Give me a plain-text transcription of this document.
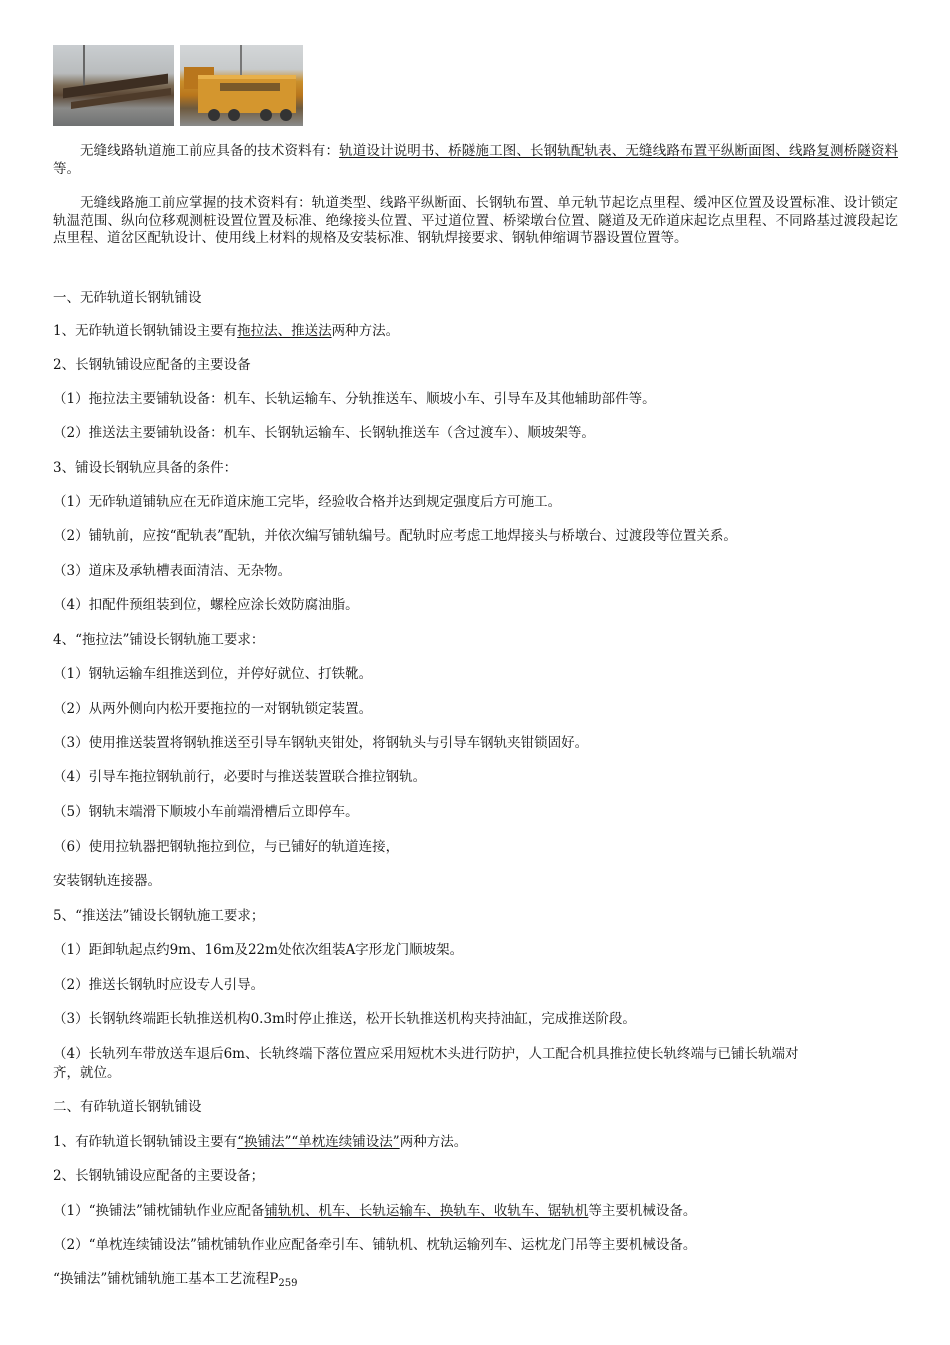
无缝线路轨道施工前应具备的技术资料有：轨道设计说明书、桥隧施工图、长钢轨配轨表、无缝线路布置平纵断面图、线路复测桥隧资料等。
无缝线路施工前应掌握的技术资料有：轨道类型、线路平纵断面、长钢轨布置、单元轨节起讫点里程、缓冲区位置及设置标准、设计锁定轨温范围、纵向位移观测桩设置位置及标准、绝缘接头位置、平过道位置、桥梁墩台位置、隧道及无砟道床起讫点里程、不同路基过渡段起讫点里程、道岔区配轨设计、使用线上材料的规格及安装标准、钢轨焊接要求、钢轨伸缩调节器设置位置等。
一、无砟轨道长钢轨铺设
1、无砟轨道长钢轨铺设主要有拖拉法、推送法两种方法。
2、长钢轨铺设应配备的主要设备
（1）拖拉法主要铺轨设备：机车、长轨运输车、分轨推送车、顺坡小车、引导车及其他辅助部件等。
（2）推送法主要铺轨设备：机车、长钢轨运输车、长钢轨推送车（含过渡车）、顺坡架等。
3、铺设长钢轨应具备的条件：
（1）无砟轨道铺轨应在无砟道床施工完毕，经验收合格并达到规定强度后方可施工。
（2）铺轨前，应按“配轨表”配轨，并依次编写铺轨编号。配轨时应考虑工地焊接头与桥墩台、过渡段等位置关系。
（3）道床及承轨槽表面清洁、无杂物。
（4）扣配件预组装到位，螺栓应涂长效防腐油脂。
4、“拖拉法”铺设长钢轨施工要求：
（1）钢轨运输车组推送到位，并停好就位、打铁靴。
（2）从两外侧向内松开要拖拉的一对钢轨锁定装置。
（3）使用推送装置将钢轨推送至引导车钢轨夹钳处，将钢轨头与引导车钢轨夹钳锁固好。
（4）引导车拖拉钢轨前行，必要时与推送装置联合推拉钢轨。
（5）钢轨末端滑下顺坡小车前端滑槽后立即停车。
（6）使用拉轨器把钢轨拖拉到位，与已铺好的轨道连接，
安装钢轨连接器。
5、“推送法”铺设长钢轨施工要求；
（1）距卸轨起点约9m、16m及22m处依次组装A字形龙门顺坡架。
（2）推送长钢轨时应设专人引导。
（3）长钢轨终端距长轨推送机构0.3m时停止推送，松开长轨推送机构夹持油缸，完成推送阶段。
（4）长轨列车带放送车退后6m、长轨终端下落位置应采用短枕木头进行防护，人工配合机具推拉使长轨终端与已铺长轨端对
齐，就位。
二、有砟轨道长钢轨铺设
1、有砟轨道长钢轨铺设主要有“换铺法”“单枕连续铺设法”两种方法。
2、长钢轨铺设应配备的主要设备；
（1）“换铺法”铺枕铺轨作业应配备铺轨机、机车、长轨运输车、换轨车、收轨车、锯轨机等主要机械设备。
（2）“单枕连续铺设法”铺枕铺轨作业应配备牵引车、铺轨机、枕轨运输列车、运枕龙门吊等主要机械设备。
“换铺法”铺枕铺轨施工基本工艺流程$P_{259}$
